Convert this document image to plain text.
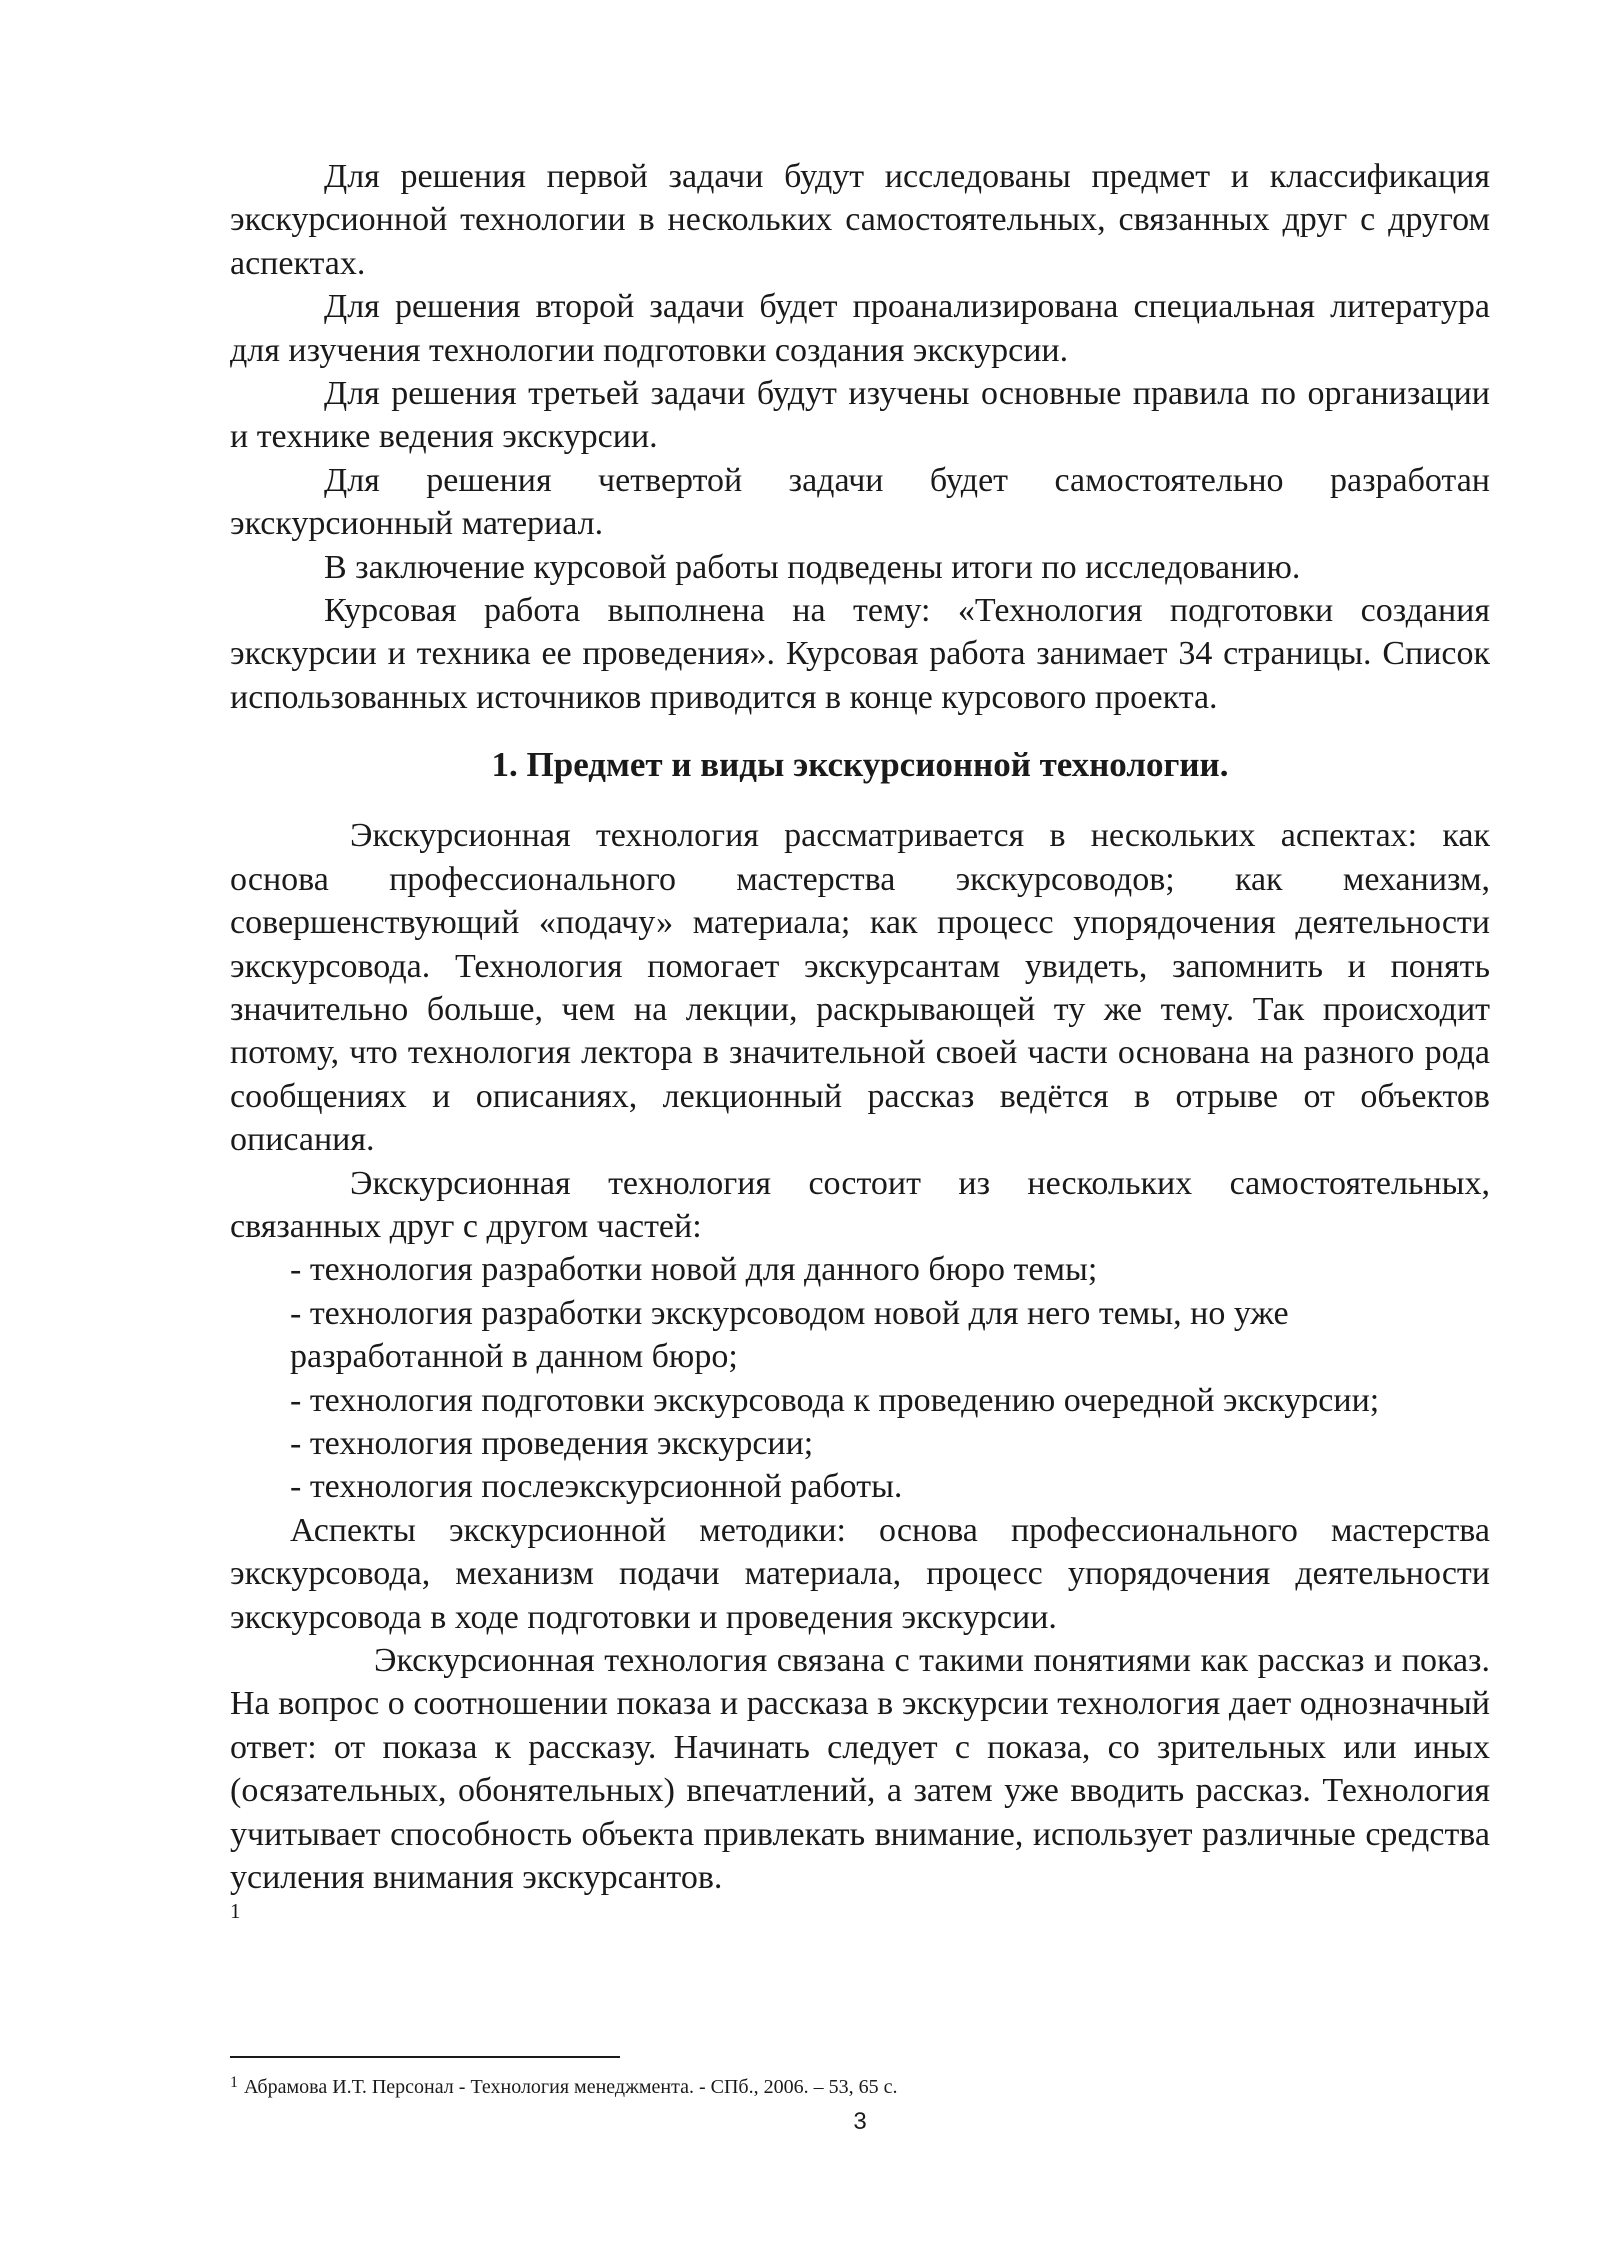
Для решения первой задачи будут исследованы предмет и классификация экскурсионной технологии в нескольких самостоятельных, связанных друг с другом аспектах.

Для решения второй задачи будет проанализирована специальная литература для изучения технологии подготовки создания экскурсии.

Для решения третьей задачи будут изучены основные правила по организации и технике ведения экскурсии.

Для решения четвертой задачи будет самостоятельно разработан экскурсионный материал.

В заключение курсовой работы подведены итоги по исследованию.

Курсовая работа выполнена на тему: «Технология подготовки создания экскурсии и техника ее проведения». Курсовая работа занимает 34 страницы. Список использованных источников приводится в конце курсового проекта.

1. Предмет и виды экскурсионной технологии.

Экскурсионная технология рассматривается в нескольких аспектах: как основа профессионального мастерства экскурсоводов; как механизм, совершенствующий «подачу» материала; как процесс упорядочения деятельности экскурсовода. Технология помогает экскурсантам увидеть, запомнить и понять значительно больше, чем на лекции, раскрывающей ту же тему. Так происходит потому, что технология лектора в значительной своей части основана на разного рода сообщениях и описаниях, лекционный рассказ ведётся в отрыве от объектов описания.

Экскурсионная технология состоит из нескольких самостоятельных, связанных друг с другом частей:

- технология разработки новой для данного бюро темы;

- технология разработки экскурсоводом новой для него темы, но уже разработанной в данном бюро;

- технология подготовки экскурсовода к проведению очередной экскурсии;

- технология проведения экскурсии;

- технология послеэкскурсионной работы.

Аспекты экскурсионной методики: основа профессионального мастерства экскурсовода, механизм подачи материала, процесс упорядочения деятельности экскурсовода в ходе подготовки и проведения экскурсии.

Экскурсионная технология связана с такими понятиями как рассказ и показ. На вопрос о соотношении показа и рассказа в экскурсии технология дает однозначный ответ: от показа к рассказу. Начинать следует с показа, со зрительных или иных (осязательных, обонятельных) впечатлений, а затем уже вводить рассказ. Технология учитывает способность объекта привлекать внимание, использует различные средства усиления внимания экскурсантов.

1
$^1$ Абрамова И.Т. Персонал - Технология менеджмента. - СПб., 2006. – 53, 65 с.
3
